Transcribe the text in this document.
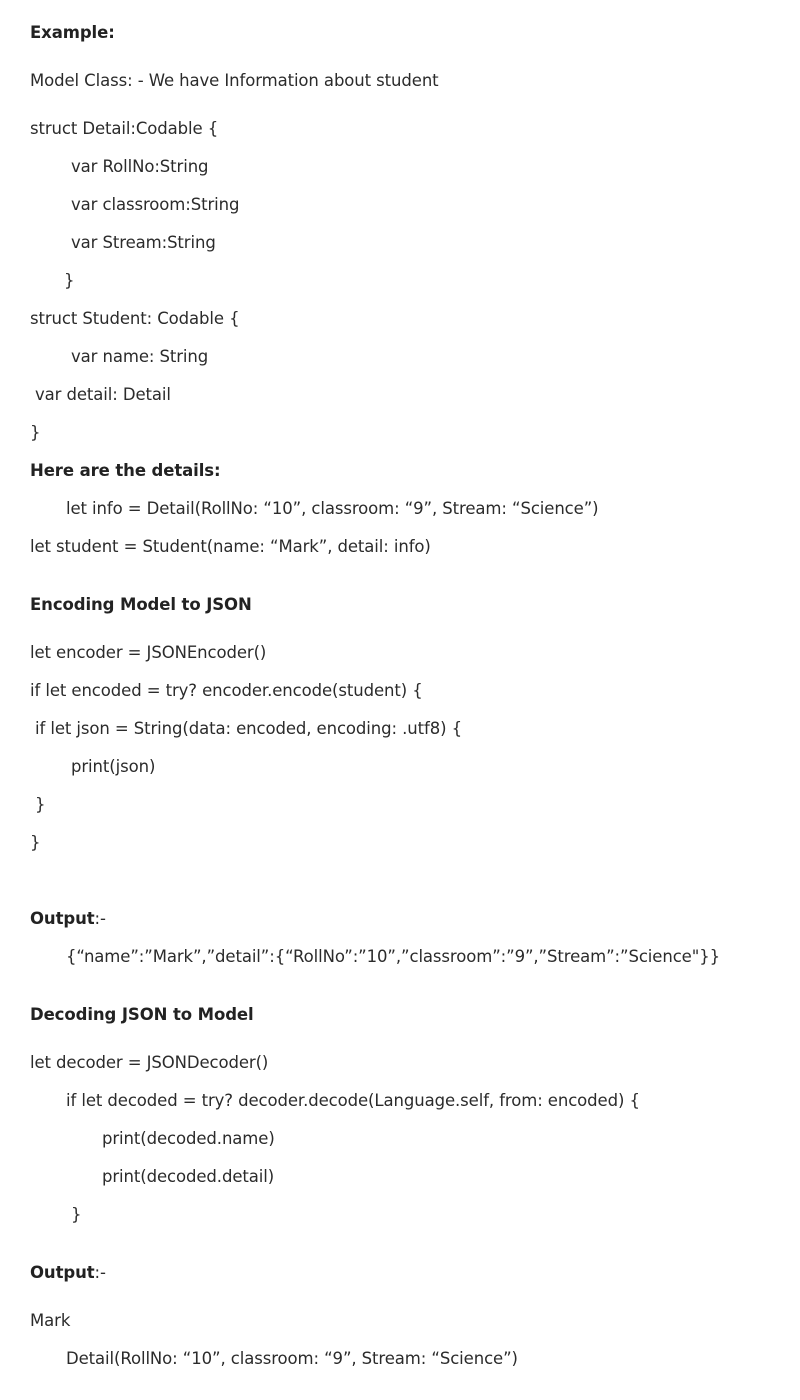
Example:
Model Class: - We have Information about student
struct Detail:Codable {
var RollNo:String
var classroom:String
var Stream:String
}
struct Student: Codable {
var name: String
var detail: Detail
}
Here are the details:
let info = Detail(RollNo: “10”, classroom: “9”, Stream: “Science”)
let student = Student(name: “Mark”, detail: info)
Encoding Model to JSON
let encoder = JSONEncoder()
if let encoded = try? encoder.encode(student) {
if let json = String(data: encoded, encoding: .utf8) {
print(json)
}
}
Output:-
{“name”:”Mark”,”detail”:{“RollNo”:”10”,”classroom”:”9”,”Stream”:”Science"}}
Decoding JSON to Model
let decoder = JSONDecoder()
if let decoded = try? decoder.decode(Language.self, from: encoded) {
print(decoded.name)
print(decoded.detail)
}
Output:-
Mark
Detail(RollNo: “10”, classroom: “9”, Stream: “Science”)
